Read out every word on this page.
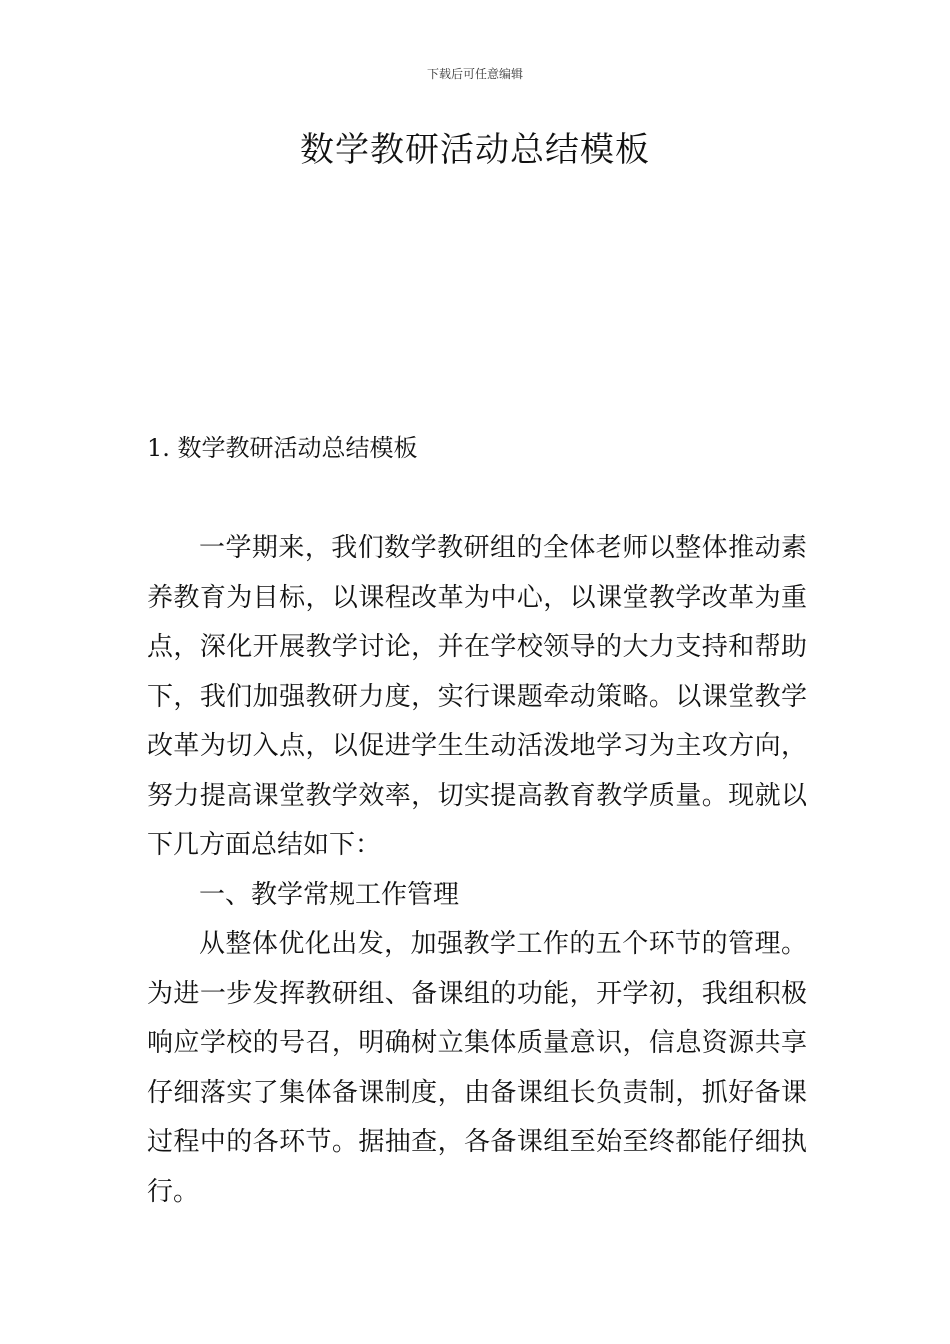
下载后可任意编辑
数学教研活动总结模板
1. 数学教研活动总结模板

一学期来，我们数学教研组的全体老师以整体推动素养教育为目标，以课程改革为中心，以课堂教学改革为重点，深化开展教学讨论，并在学校领导的大力支持和帮助下，我们加强教研力度，实行课题牵动策略。以课堂教学改革为切入点，以促进学生生动活泼地学习为主攻方向，努力提高课堂教学效率，切实提高教育教学质量。现就以下几方面总结如下：

一、教学常规工作管理

从整体优化出发，加强教学工作的五个环节的管理。为进一步发挥教研组、备课组的功能，开学初，我组积极响应学校的号召，明确树立集体质量意识，信息资源共享仔细落实了集体备课制度，由备课组长负责制，抓好备课过程中的各环节。据抽查，各备课组至始至终都能仔细执行。
